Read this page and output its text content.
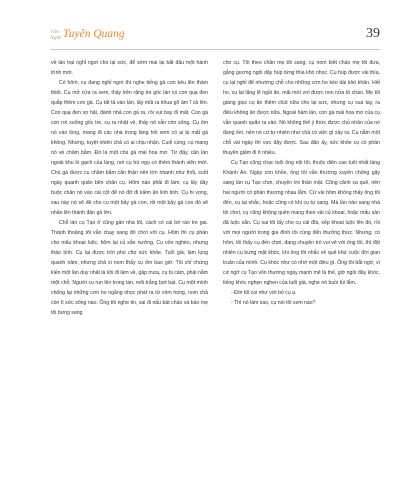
Văn Nghệ Tuyên Quang	39

về lán trại nghỉ ngơi cho lại sức, để sớm mai lại bắt đầu một hành trình mới.

Có hôm, cụ đang nghỉ ngơi thì nghe tiếng gà con kêu lên thảm thiết. Cụ mở cửa ra xem, thấy trên rặng tre góc lán có con quạ đen quắp thêm con gà. Cụ tất tả vào lán, lấy mũi ra khua gõ ầm ĩ cả lên. Con quạ đen sợ hãi, đành nhả con gà ra, rồi vụt bay đi mất. Con gà con rơi xuống gốc tre, cụ ra nhặt về, thấy nó vẫn còn sống. Cụ ôm nó vào lòng, mang đi các nhà trong làng hỏi xem có ai bị mất gà không. Nhưng, tuyệt nhiên chả có ai chịu nhận. Cuối cùng, cụ mang nó về chăm bẵm. Đó là một chú gà mái hoa mơ. Từ đấy, cân lán ngoài khu lò gạch của làng, nơi cụ trú ngụ có thêm thành viên mới. Chú gà được cụ chăm bẵm cẩn thận nên lớn nhanh như thổi, suốt ngày quanh quẩn bên chân cụ. Hôm nào phải đi làm, cụ lấy dây buộc chân nó vào cái cột để nó đỡ đi kiếm ăn linh tinh. Cụ hi vọng, sau này nó sẽ đẻ cho cụ một bầy gà con, rồi một bầy gà con đó sẽ nhân lên thành đàn gà lớn.

Chỗ lán cụ Tạo ở cũng gần nhà tôi, cách có cái bờ rào tre gai. Thành thoảng tôi vẫn chạy sang đó chơi với cụ. Hôm thì cụ phần cho mẩu khoai luộc, hôm lại củ sắn nướng. Cụ vốn nghèo, nhưng thảo tính. Cụ lại được trời phú cho sức khỏe. Tuổi già, làm lụng quanh năm, nhưng chả si nom thấy cụ ốm bao giờ. Tôi chỉ chứng kiến một lần duy nhất là khi đi làm về, gặp mưa, cụ bị cảm, phải nằm một chỗ. Người cụ run lên trong lán, môi trắng bợt bạt. Cụ một mình chống lại những cơn ho ngằng nhọc phát ra từ vòm họng, nom chả còn tí sức sống nào. Ông tôi nghe tin, sai đi nấu bát cháo và bảo mẹ tôi bưng sang

cho cụ. Tôi theo chân mẹ tôi sang, cụ nom biết cháo mẹ tôi đưa, gắng gượng ngồi dậy húp từng thìa khó nhọc. Cụ húp được vài thìa, cụ lại nghỉ để nhường chỗ cho những cơn ho kéo dài khó khăn. Hết ho, cụ lại lặng lẽ ngồi ăn, mãi mới vơi được non nửa tô cháo. Mẹ tôi giàng giục cụ ăn thêm chút nữa cho lại sức, nhưng cụ xua tay, ra điều không ăn được nữa. Ngoài hàm lán, con gà mái hoa mơ của cụ vẫn quanh quẩn ra vào. Nó không thể ý thức được chủ nhân của nó đang ốm, nên nó cứ tự nhiên như chả có việc gì xảy ra. Cụ nằm một chỗ vài ngày thì vực dậy được. Sau đận ấy, sức khỏe cụ có phần thuyên giảm đi ít nhiều.

Cụ Tạo cũng chạc tuổi ông nội tôi, thuộc diện cao tuổi nhất làng Khánh An. Ngày còn khỏe, ông tôi vẫn thường xuyên chống gậy sang lán cụ Tạo chơi, chuyện trò thân mật. Cũng cảnh xa quê, nên hai người có phần thương nhau lắm. Cứ vài hôm không thấy ông tôi đến, cụ lại nhắc, hoặc cũng có khi cụ tự sang. Mà lần nào sang nhà tôi chơi, cụ cũng không quên mang theo vài củ khoai, hoặc mấu sản đã luộc sẵn. Cụ sai tôi lấy cho cụ cái đĩa, xếp khoai luộc lên đó, rồi với mọi người trong gia đình tôi cùng đến thưởng thức. Nhưng, có hôm, tôi thấy cụ đến chơi, đang chuyện trò vui vẻ với ông tôi, thì đột nhiên cụ bưng mặt khóc, khi ông tôi nhắc về quê khứ cuộc đời gian truân của mình. Cụ khóc như có nhớ một điều gì. Ông tôi bắt ngờ, vì cứ ngỡ cụ Tạo vốn thường ngày mạnh mẽ là thế, giờ ngồi đây khóc, tiếng khóc nghẹn nghẹn của tuổi già, nghe nó buồi tủi lắm.

- Đời tôi coi như vứt bỏ cụ ạ.

- Thì nó làm sao, cụ nói tôi xem nào?
